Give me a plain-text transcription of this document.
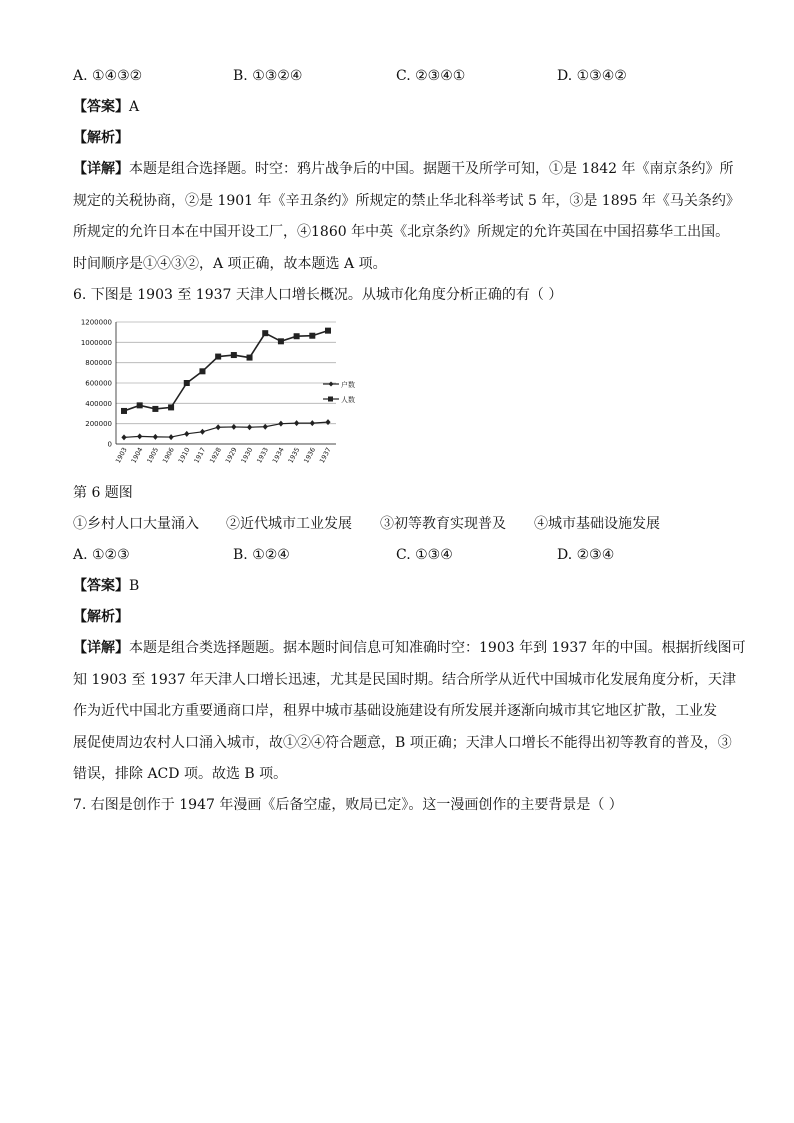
A. ①④③②	B. ①③②④	C. ②③④①	D. ①③④②
【答案】A
【解析】
【详解】本题是组合选择题。时空：鸦片战争后的中国。据题干及所学可知，①是 1842 年《南京条约》所
规定的关税协商，②是 1901 年《辛丑条约》所规定的禁止华北科举考试 5 年，③是 1895 年《马关条约》
所规定的允许日本在中国开设工厂，④1860 年中英《北京条约》所规定的允许英国在中国招募华工出国。
时间顺序是①④③②，A 项正确，故本题选 A 项。
6. 下图是 1903 至 1937 天津人口增长概况。从城市化角度分析正确的有（ ）
0
200000
400000
600000
800000
1000000
1200000
1903 1904 1905 1906 1910 1917 1928 1929 1930 1933 1934 1935 1936 1937
户数
人数
第 6 题图
①乡村人口大量涌入 ②近代城市工业发展 ③初等教育实现普及 ④城市基础设施发展
A. ①②③	B. ①②④	C. ①③④	D. ②③④
【答案】B
【解析】
【详解】本题是组合类选择题题。据本题时间信息可知准确时空：1903 年到 1937 年的中国。根据折线图可
知 1903 至 1937 年天津人口增长迅速，尤其是民国时期。结合所学从近代中国城市化发展角度分析，天津
作为近代中国北方重要通商口岸，租界中城市基础设施建设有所发展并逐渐向城市其它地区扩散，工业发
展促使周边农村人口涌入城市，故①②④符合题意，B 项正确；天津人口增长不能得出初等教育的普及，③
错误，排除 ACD 项。故选 B 项。
7. 右图是创作于 1947 年漫画《后备空虚，败局已定》。这一漫画创作的主要背景是（ ）
